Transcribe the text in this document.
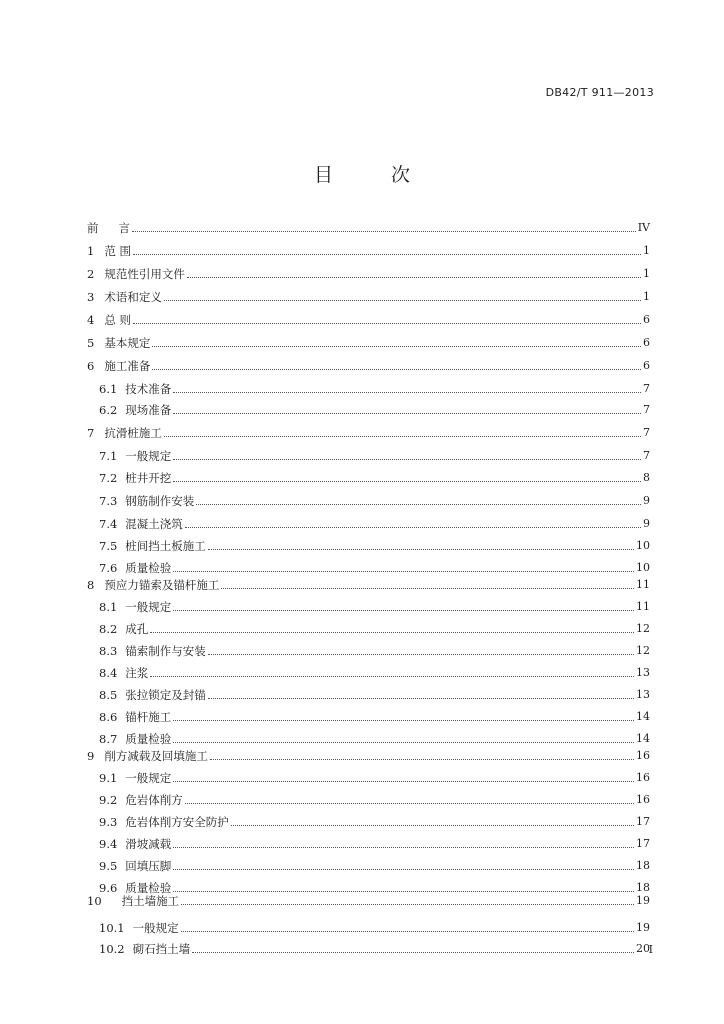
DB42/T 911—2013
目 次
前 言	IV
1 范 围	1
2 规范性引用文件	1
3 术语和定义	1
4 总 则	6
5 基本规定	6
6 施工准备	6
6.1 技术准备	7
6.2 现场准备	7
7 抗滑桩施工	7
7.1 一般规定	7
7.2 桩井开挖	8
7.3 钢筋制作安装	9
7.4 混凝土浇筑	9
7.5 桩间挡土板施工	10
7.6 质量检验	10
8 预应力锚索及锚杆施工	11
8.1 一般规定	11
8.2 成孔	12
8.3 锚索制作与安装	12
8.4 注浆	13
8.5 张拉锁定及封锚	13
8.6 锚杆施工	14
8.7 质量检验	14
9 削方减载及回填施工	16
9.1 一般规定	16
9.2 危岩体削方	16
9.3 危岩体削方安全防护	17
9.4 滑坡减载	17
9.5 回填压脚	18
9.6 质量检验	18
10 挡土墙施工	19
10.1 一般规定	19
10.2 砌石挡土墙	20
I
